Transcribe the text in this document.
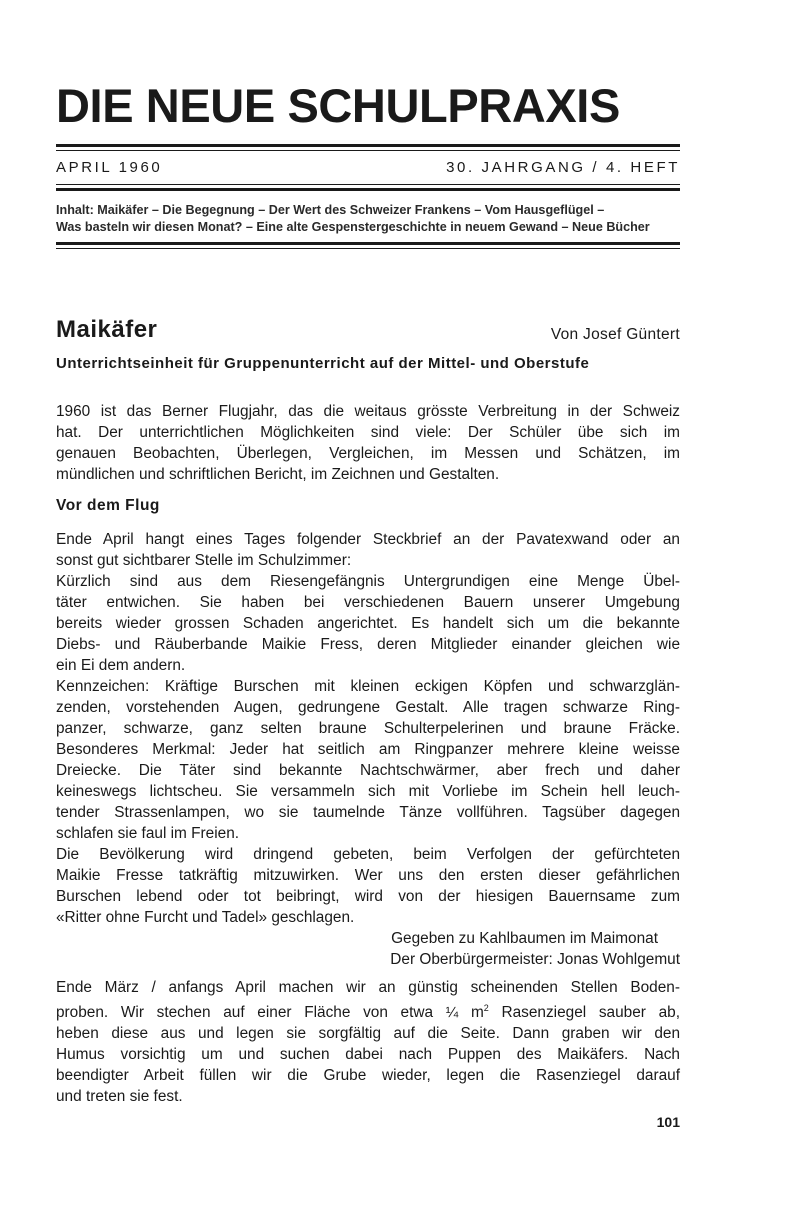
DIE NEUE SCHULPRAXIS
APRIL 1960	30. JAHRGANG / 4. HEFT
Inhalt: Maikäfer – Die Begegnung – Der Wert des Schweizer Frankens – Vom Hausgeflügel –
Was basteln wir diesen Monat? – Eine alte Gespenstergeschichte in neuem Gewand – Neue Bücher
Maikäfer	Von Josef Güntert
Unterrichtseinheit für Gruppenunterricht auf der Mittel- und Oberstufe
1960 ist das Berner Flugjahr, das die weitaus grösste Verbreitung in der Schweiz
hat. Der unterrichtlichen Möglichkeiten sind viele: Der Schüler übe sich im
genauen Beobachten, Überlegen, Vergleichen, im Messen und Schätzen, im
mündlichen und schriftlichen Bericht, im Zeichnen und Gestalten.
Vor dem Flug
Ende April hangt eines Tages folgender Steckbrief an der Pavatexwand oder an
sonst gut sichtbarer Stelle im Schulzimmer:
Kürzlich sind aus dem Riesengefängnis Untergrundigen eine Menge Übel-
täter entwichen. Sie haben bei verschiedenen Bauern unserer Umgebung
bereits wieder grossen Schaden angerichtet. Es handelt sich um die bekannte
Diebs- und Räuberbande Maikie Fress, deren Mitglieder einander gleichen wie
ein Ei dem andern.
Kennzeichen: Kräftige Burschen mit kleinen eckigen Köpfen und schwarzglän-
zenden, vorstehenden Augen, gedrungene Gestalt. Alle tragen schwarze Ring-
panzer, schwarze, ganz selten braune Schulterpelerinen und braune Fräcke.
Besonderes Merkmal: Jeder hat seitlich am Ringpanzer mehrere kleine weisse
Dreiecke. Die Täter sind bekannte Nachtschwärmer, aber frech und daher
keineswegs lichtscheu. Sie versammeln sich mit Vorliebe im Schein hell leuch-
tender Strassenlampen, wo sie taumelnde Tänze vollführen. Tagsüber dagegen
schlafen sie faul im Freien.
Die Bevölkerung wird dringend gebeten, beim Verfolgen der gefürchteten
Maikie Fresse tatkräftig mitzuwirken. Wer uns den ersten dieser gefährlichen
Burschen lebend oder tot beibringt, wird von der hiesigen Bauernsame zum
«Ritter ohne Furcht und Tadel» geschlagen.
Gegeben zu Kahlbaumen im Maimonat
Der Oberbürgermeister: Jonas Wohlgemut
Ende März / anfangs April machen wir an günstig scheinenden Stellen Boden-
proben. Wir stechen auf einer Fläche von etwa ¼ $m^2$ Rasenziegel sauber ab,
heben diese aus und legen sie sorgfältig auf die Seite. Dann graben wir den
Humus vorsichtig um und suchen dabei nach Puppen des Maikäfers. Nach
beendigter Arbeit füllen wir die Grube wieder, legen die Rasenziegel darauf
und treten sie fest.
101
